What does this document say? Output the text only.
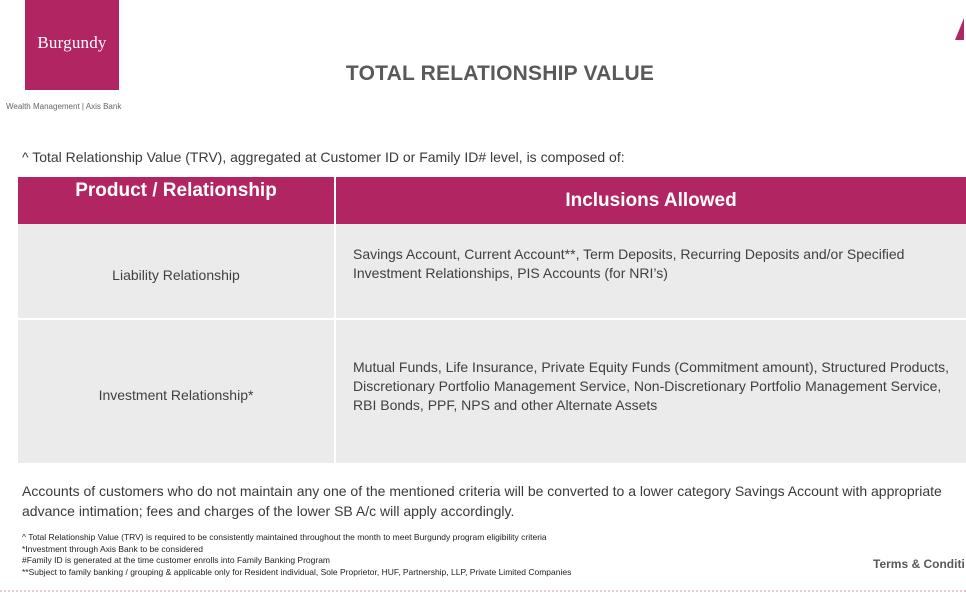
Burgundy
Wealth Management | Axis Bank
TOTAL RELATIONSHIP VALUE
^ Total Relationship Value (TRV), aggregated at Customer ID or Family ID# level, is composed of:
Product / Relationship	Inclusions Allowed

Liability Relationship	Savings Account, Current Account**, Term Deposits, Recurring Deposits and/or Specified Investment Relationships, PIS Accounts (for NRI’s)

Investment Relationship*	Mutual Funds, Life Insurance, Private Equity Funds (Commitment amount), Structured Products, Discretionary Portfolio Management Service, Non-Discretionary Portfolio Management Service, RBI Bonds, PPF, NPS and other Alternate Assets
Accounts of customers who do not maintain any one of the mentioned criteria will be converted to a lower category Savings Account with appropriate advance intimation; fees and charges of the lower SB A/c will apply accordingly.
^ Total Relationship Value (TRV) is required to be consistently maintained throughout the month to meet Burgundy program eligibility criteria
*Investment through Axis Bank to be considered
#Family ID is generated at the time customer enrolls into Family Banking Program
**Subject to family banking / grouping & applicable only for Resident individual, Sole Proprietor, HUF, Partnership, LLP, Private Limited Companies
Terms & Conditi
